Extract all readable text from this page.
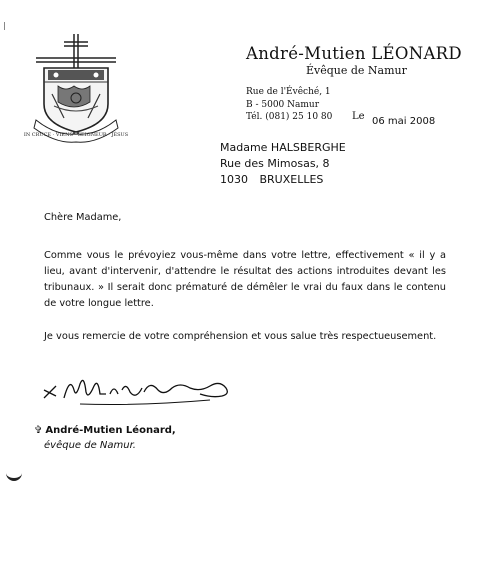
IN CRUCE · VIENS · SEIGNEUR · JÉSUS
André-Mutien LÉONARD
Évêque de Namur
Rue de l'Évêché, 1
B - 5000 Namur
Tél. (081) 25 10 80 Le 06 mai 2008
Madame HALSBERGHE
Rue des Mimosas, 8
1030 BRUXELLES
Chère Madame,
Comme vous le prévoyiez vous-même dans votre lettre, effectivement « il y a lieu, avant d'intervenir, d'attendre le résultat des actions introduites devant les tribunaux. » Il serait donc prématuré de démêler le vrai du faux dans le contenu de votre longue lettre.
Je vous remercie de votre compréhension et vous salue très respectueusement.
✞ André-Mutien Léonard,
évêque de Namur.
